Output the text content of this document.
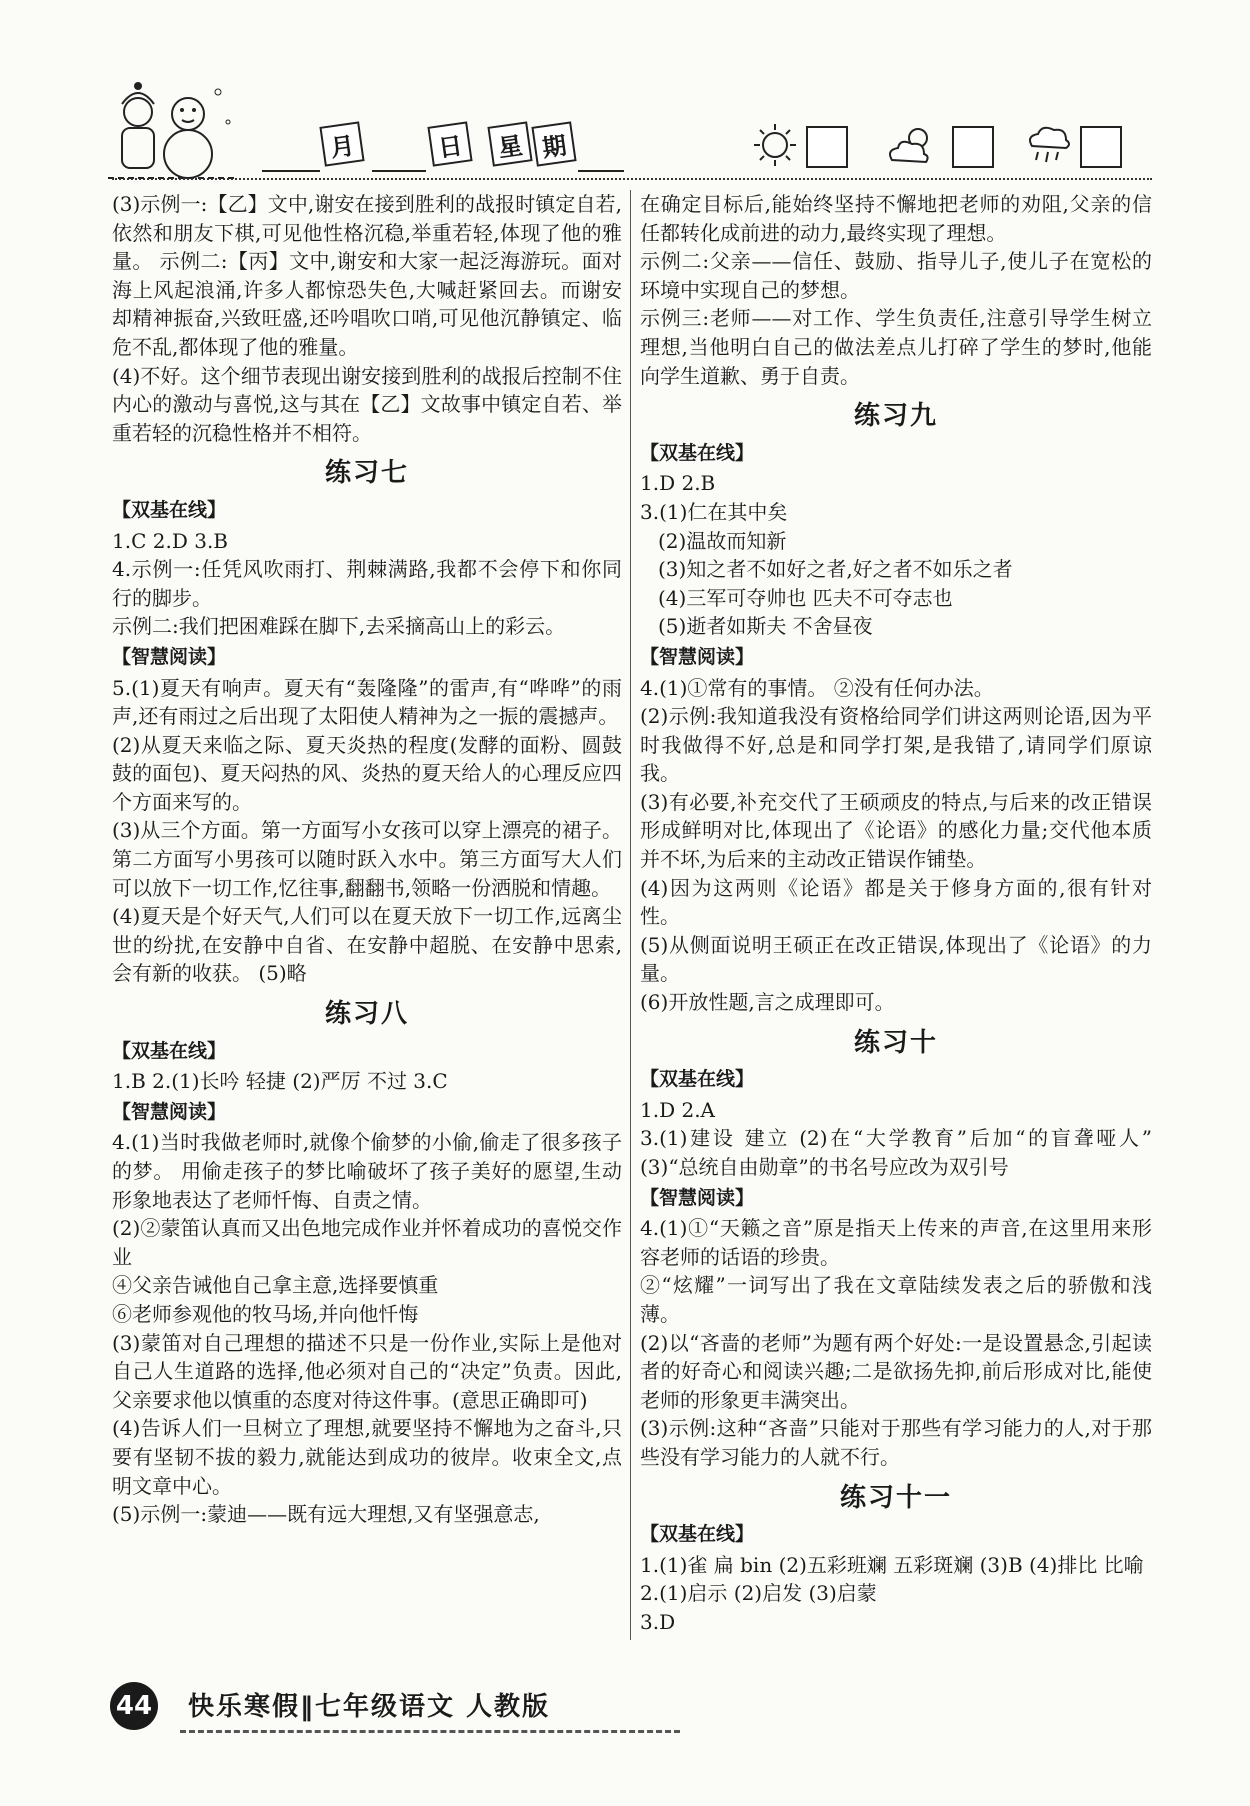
月	日	星 期
(3)示例一:【乙】文中,谢安在接到胜利的战报时镇定自若,依然和朋友下棋,可见他性格沉稳,举重若轻,体现了他的雅量。 示例二:【丙】文中,谢安和大家一起泛海游玩。面对海上风起浪涌,许多人都惊恐失色,大喊赶紧回去。而谢安却精神振奋,兴致旺盛,还吟唱吹口哨,可见他沉静镇定、临危不乱,都体现了他的雅量。
(4)不好。这个细节表现出谢安接到胜利的战报后控制不住内心的激动与喜悦,这与其在【乙】文故事中镇定自若、举重若轻的沉稳性格并不相符。
练习七
【双基在线】
1.C 2.D 3.B
4.示例一:任凭风吹雨打、荆棘满路,我都不会停下和你同行的脚步。
示例二:我们把困难踩在脚下,去采摘高山上的彩云。
【智慧阅读】
5.(1)夏天有响声。夏天有“轰隆隆”的雷声,有“哗哗”的雨声,还有雨过之后出现了太阳使人精神为之一振的震撼声。
(2)从夏天来临之际、夏天炎热的程度(发酵的面粉、圆鼓鼓的面包)、夏天闷热的风、炎热的夏天给人的心理反应四个方面来写的。
(3)从三个方面。第一方面写小女孩可以穿上漂亮的裙子。第二方面写小男孩可以随时跃入水中。第三方面写大人们可以放下一切工作,忆往事,翻翻书,领略一份洒脱和情趣。
(4)夏天是个好天气,人们可以在夏天放下一切工作,远离尘世的纷扰,在安静中自省、在安静中超脱、在安静中思索,会有新的收获。 (5)略
练习八
【双基在线】
1.B 2.(1)长吟 轻捷 (2)严厉 不过 3.C
【智慧阅读】
4.(1)当时我做老师时,就像个偷梦的小偷,偷走了很多孩子的梦。 用偷走孩子的梦比喻破坏了孩子美好的愿望,生动形象地表达了老师忏悔、自责之情。
(2)②蒙笛认真而又出色地完成作业并怀着成功的喜悦交作业
④父亲告诫他自己拿主意,选择要慎重
⑥老师参观他的牧马场,并向他忏悔
(3)蒙笛对自己理想的描述不只是一份作业,实际上是他对自己人生道路的选择,他必须对自己的“决定”负责。因此,父亲要求他以慎重的态度对待这件事。(意思正确即可)
(4)告诉人们一旦树立了理想,就要坚持不懈地为之奋斗,只要有坚韧不拔的毅力,就能达到成功的彼岸。收束全文,点明文章中心。
(5)示例一:蒙迪——既有远大理想,又有坚强意志,
在确定目标后,能始终坚持不懈地把老师的劝阻,父亲的信任都转化成前进的动力,最终实现了理想。
示例二:父亲——信任、鼓励、指导儿子,使儿子在宽松的环境中实现自己的梦想。
示例三:老师——对工作、学生负责任,注意引导学生树立理想,当他明白自己的做法差点儿打碎了学生的梦时,他能向学生道歉、勇于自责。
练习九
【双基在线】
1.D 2.B
3.(1)仁在其中矣
(2)温故而知新
(3)知之者不如好之者,好之者不如乐之者
(4)三军可夺帅也 匹夫不可夺志也
(5)逝者如斯夫 不舍昼夜
【智慧阅读】
4.(1)①常有的事情。 ②没有任何办法。
(2)示例:我知道我没有资格给同学们讲这两则论语,因为平时我做得不好,总是和同学打架,是我错了,请同学们原谅我。
(3)有必要,补充交代了王硕顽皮的特点,与后来的改正错误形成鲜明对比,体现出了《论语》的感化力量;交代他本质并不坏,为后来的主动改正错误作铺垫。
(4)因为这两则《论语》都是关于修身方面的,很有针对性。
(5)从侧面说明王硕正在改正错误,体现出了《论语》的力量。
(6)开放性题,言之成理即可。
练习十
【双基在线】
1.D 2.A
3.(1)建设 建立 (2)在“大学教育”后加“的盲聋哑人” (3)“总统自由勋章”的书名号应改为双引号
【智慧阅读】
4.(1)①“天籁之音”原是指天上传来的声音,在这里用来形容老师的话语的珍贵。
②“炫耀”一词写出了我在文章陆续发表之后的骄傲和浅薄。
(2)以“吝啬的老师”为题有两个好处:一是设置悬念,引起读者的好奇心和阅读兴趣;二是欲扬先抑,前后形成对比,能使老师的形象更丰满突出。
(3)示例:这种“吝啬”只能对于那些有学习能力的人,对于那些没有学习能力的人就不行。
练习十一
【双基在线】
1.(1)雀 扁 bin (2)五彩班斓 五彩斑斓 (3)B (4)排比 比喻
2.(1)启示 (2)启发 (3)启蒙
3.D
44 快乐寒假‖七年级语文 人教版
